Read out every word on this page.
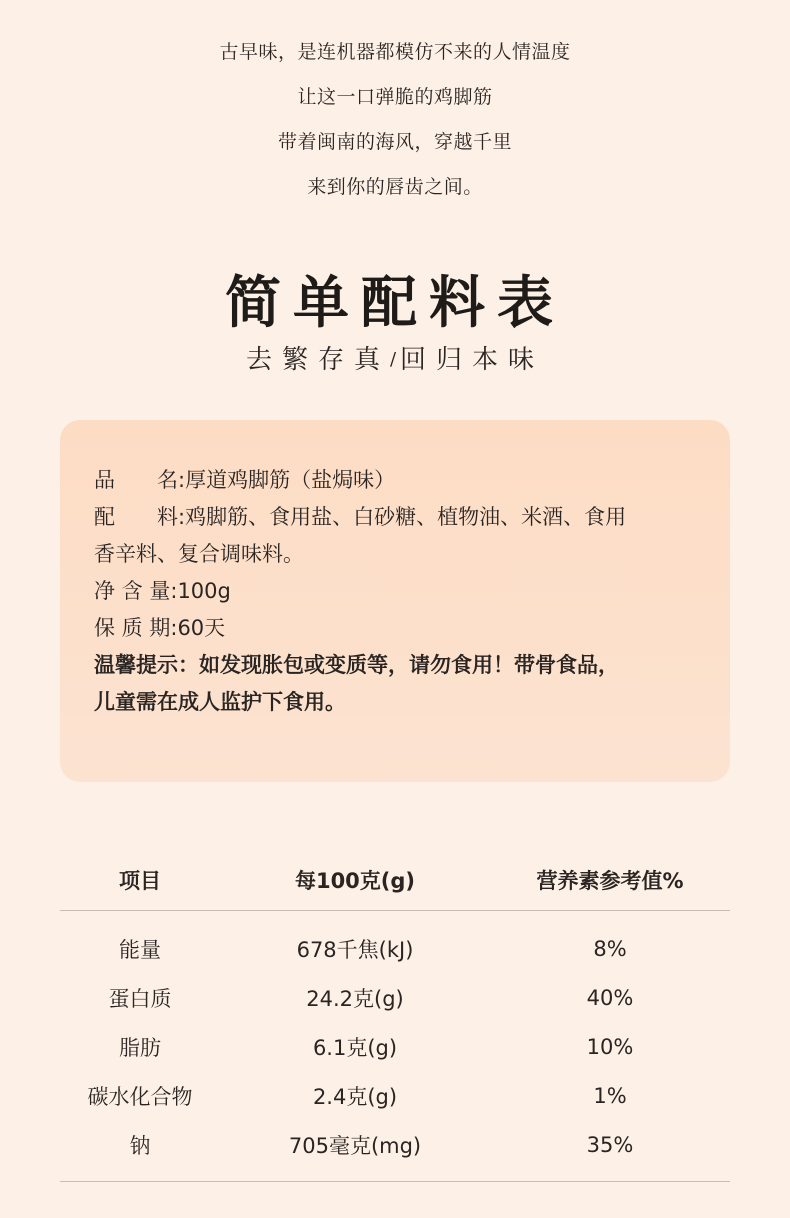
古早味，是连机器都模仿不来的人情温度
让这一口弹脆的鸡脚筋
带着闽南的海风，穿越千里
来到你的唇齿之间。
简单配料表
去繁存真/回归本味
品　　名:厚道鸡脚筋（盐焗味）
配　　料:鸡脚筋、食用盐、白砂糖、植物油、米酒、食用
香辛料、复合调味料。
净 含 量:100g
保 质 期:60天
温馨提示：如发现胀包或变质等，请勿食用！带骨食品，
儿童需在成人监护下食用。
项目	每100克(g)	营养素参考值%
能量	678千焦(kJ)	8%
蛋白质	24.2克(g)	40%
脂肪	6.1克(g)	10%
碳水化合物	2.4克(g)	1%
钠	705毫克(mg)	35%
